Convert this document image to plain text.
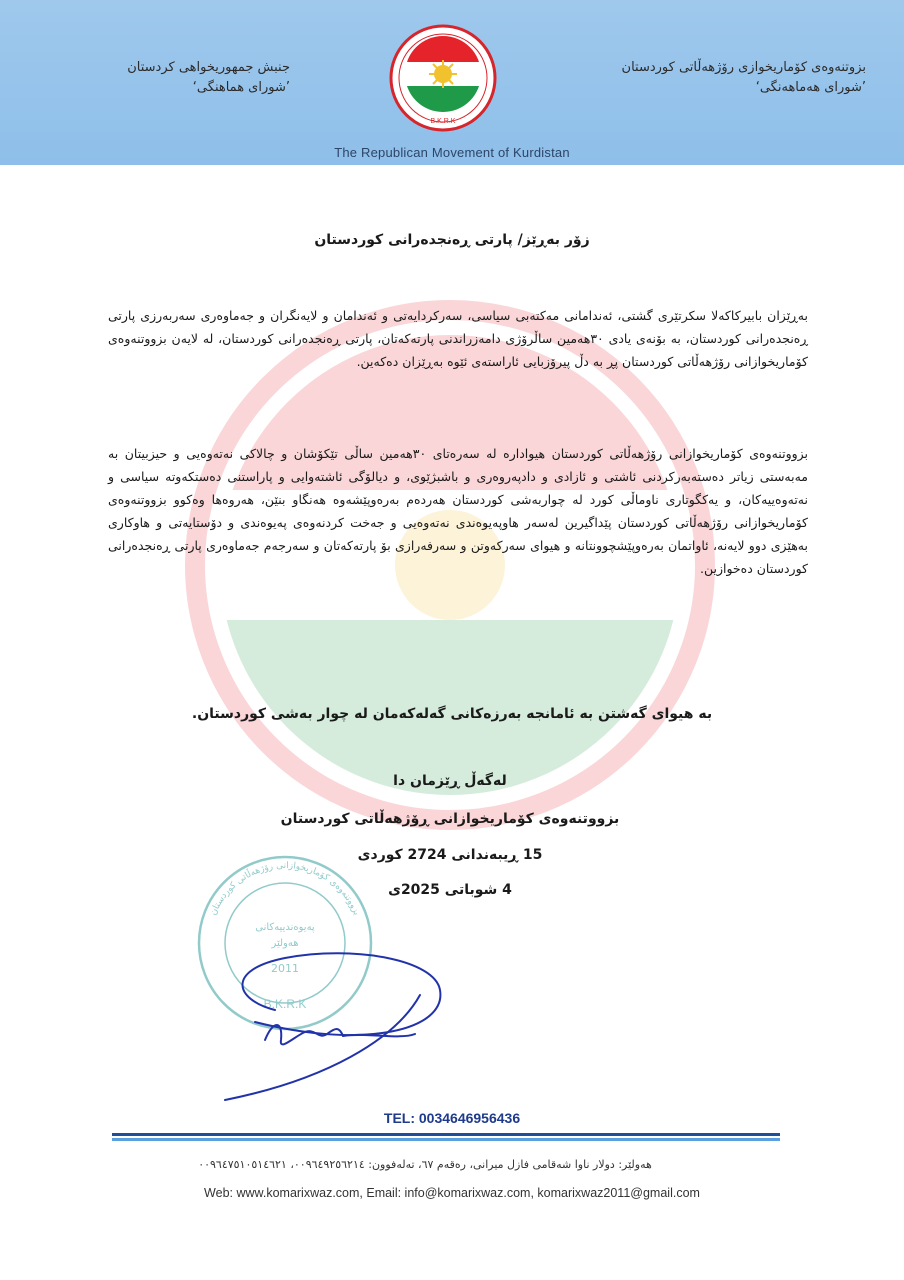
بزوتنەوەی کۆماریخوازی رۆژهەڵاتی کوردستان
’شورای هەماهەنگی‘
جنبش جمهوریخواهی کردستان
’شورای هماهنگی‘
B.K.R.K
The Republican Movement of Kurdistan
زۆر بەڕێز/ پارتی ڕەنجدەرانی کوردستان
بەڕێزان بابیرکاکەلا سکرتێری گشتی، ئەندامانی مەکتەبی سیاسی، سەرکردایەتی و ئەندامان و لایەنگران و جەماوەری سەربەرزی پارتی ڕەنجدەرانی کوردستان، بە بۆنەی یادی ٣٠هەمین ساڵرۆژی دامەزراندنی پارتەکەتان، پارتی ڕەنجدەرانی کوردستان، لە لایەن بزووتنەوەی کۆماریخوازانی رۆژهەڵاتی کوردستان پڕ بە دڵ پیرۆزبایی ئاراستەی ئێوە بەڕێزان دەکەین.
بزووتنەوەی کۆماریخوازانی رۆژهەڵاتی کوردستان هیوادارە لە سەرەتای ٣٠هەمین ساڵی تێکۆشان و چالاکی نەتەوەیی و حیزبیتان بە مەبەستی زیاتر دەستەبەرکردنی ئاشتی و ئازادی و دادپەروەری و باشبژێوی، و دیالۆگی ئاشتەوایی و پاراستنی دەستکەوتە سیاسی و نەتەوەییەکان، و یەکگوتاری ناوماڵی کورد لە چواربەشی کوردستان هەردەم بەرەوپێشەوە هەنگاو بنێن، هەروەها وەکوو بزووتنەوەی کۆماریخوازانی رۆژهەڵاتی کوردستان پێداگیرین لەسەر هاوپەیوەندی نەتەوەیی و جەخت کردنەوەی پەیوەندی و دۆستایەتی و هاوکاری بەهێزی دوو لایەنە، ئاواتمان بەرەوپێشچوونتانە و هیوای سەرکەوتن و سەرفەرازی بۆ پارتەکەتان و سەرجەم جەماوەری پارتی ڕەنجدەرانی کوردستان دەخوازین.
بە هیوای گەشتن بە ئامانجە بەرزەکانی گەلەکەمان لە چوار بەشی کوردستان.
لەگەڵ ڕێزمان دا
بزووتنەوەی کۆماریخوازانی ڕۆژهەڵاتی کوردستان
15 ڕیبەندانی 2724 کوردی
4 شوباتی 2025ی
بزووتنەوەی کۆماریخوازانی رۆژهەڵاتی کوردستان
پەیوەندییەکانی
هەولێر
2011
B.K.R.K
TEL: 0034646956436
هەولێر: دولار ناوا شەقامی فازل میرانی، رەقەم ٦٧، تەلەفوون: ٠٠٩٦٤٩٢٥٦٢١٤، ٠٠٩٦٤٧٥١٠٥١٤٦٢١
Web: www.komarixwaz.com, Email: info@komarixwaz.com, komarixwaz2011@gmail.com
